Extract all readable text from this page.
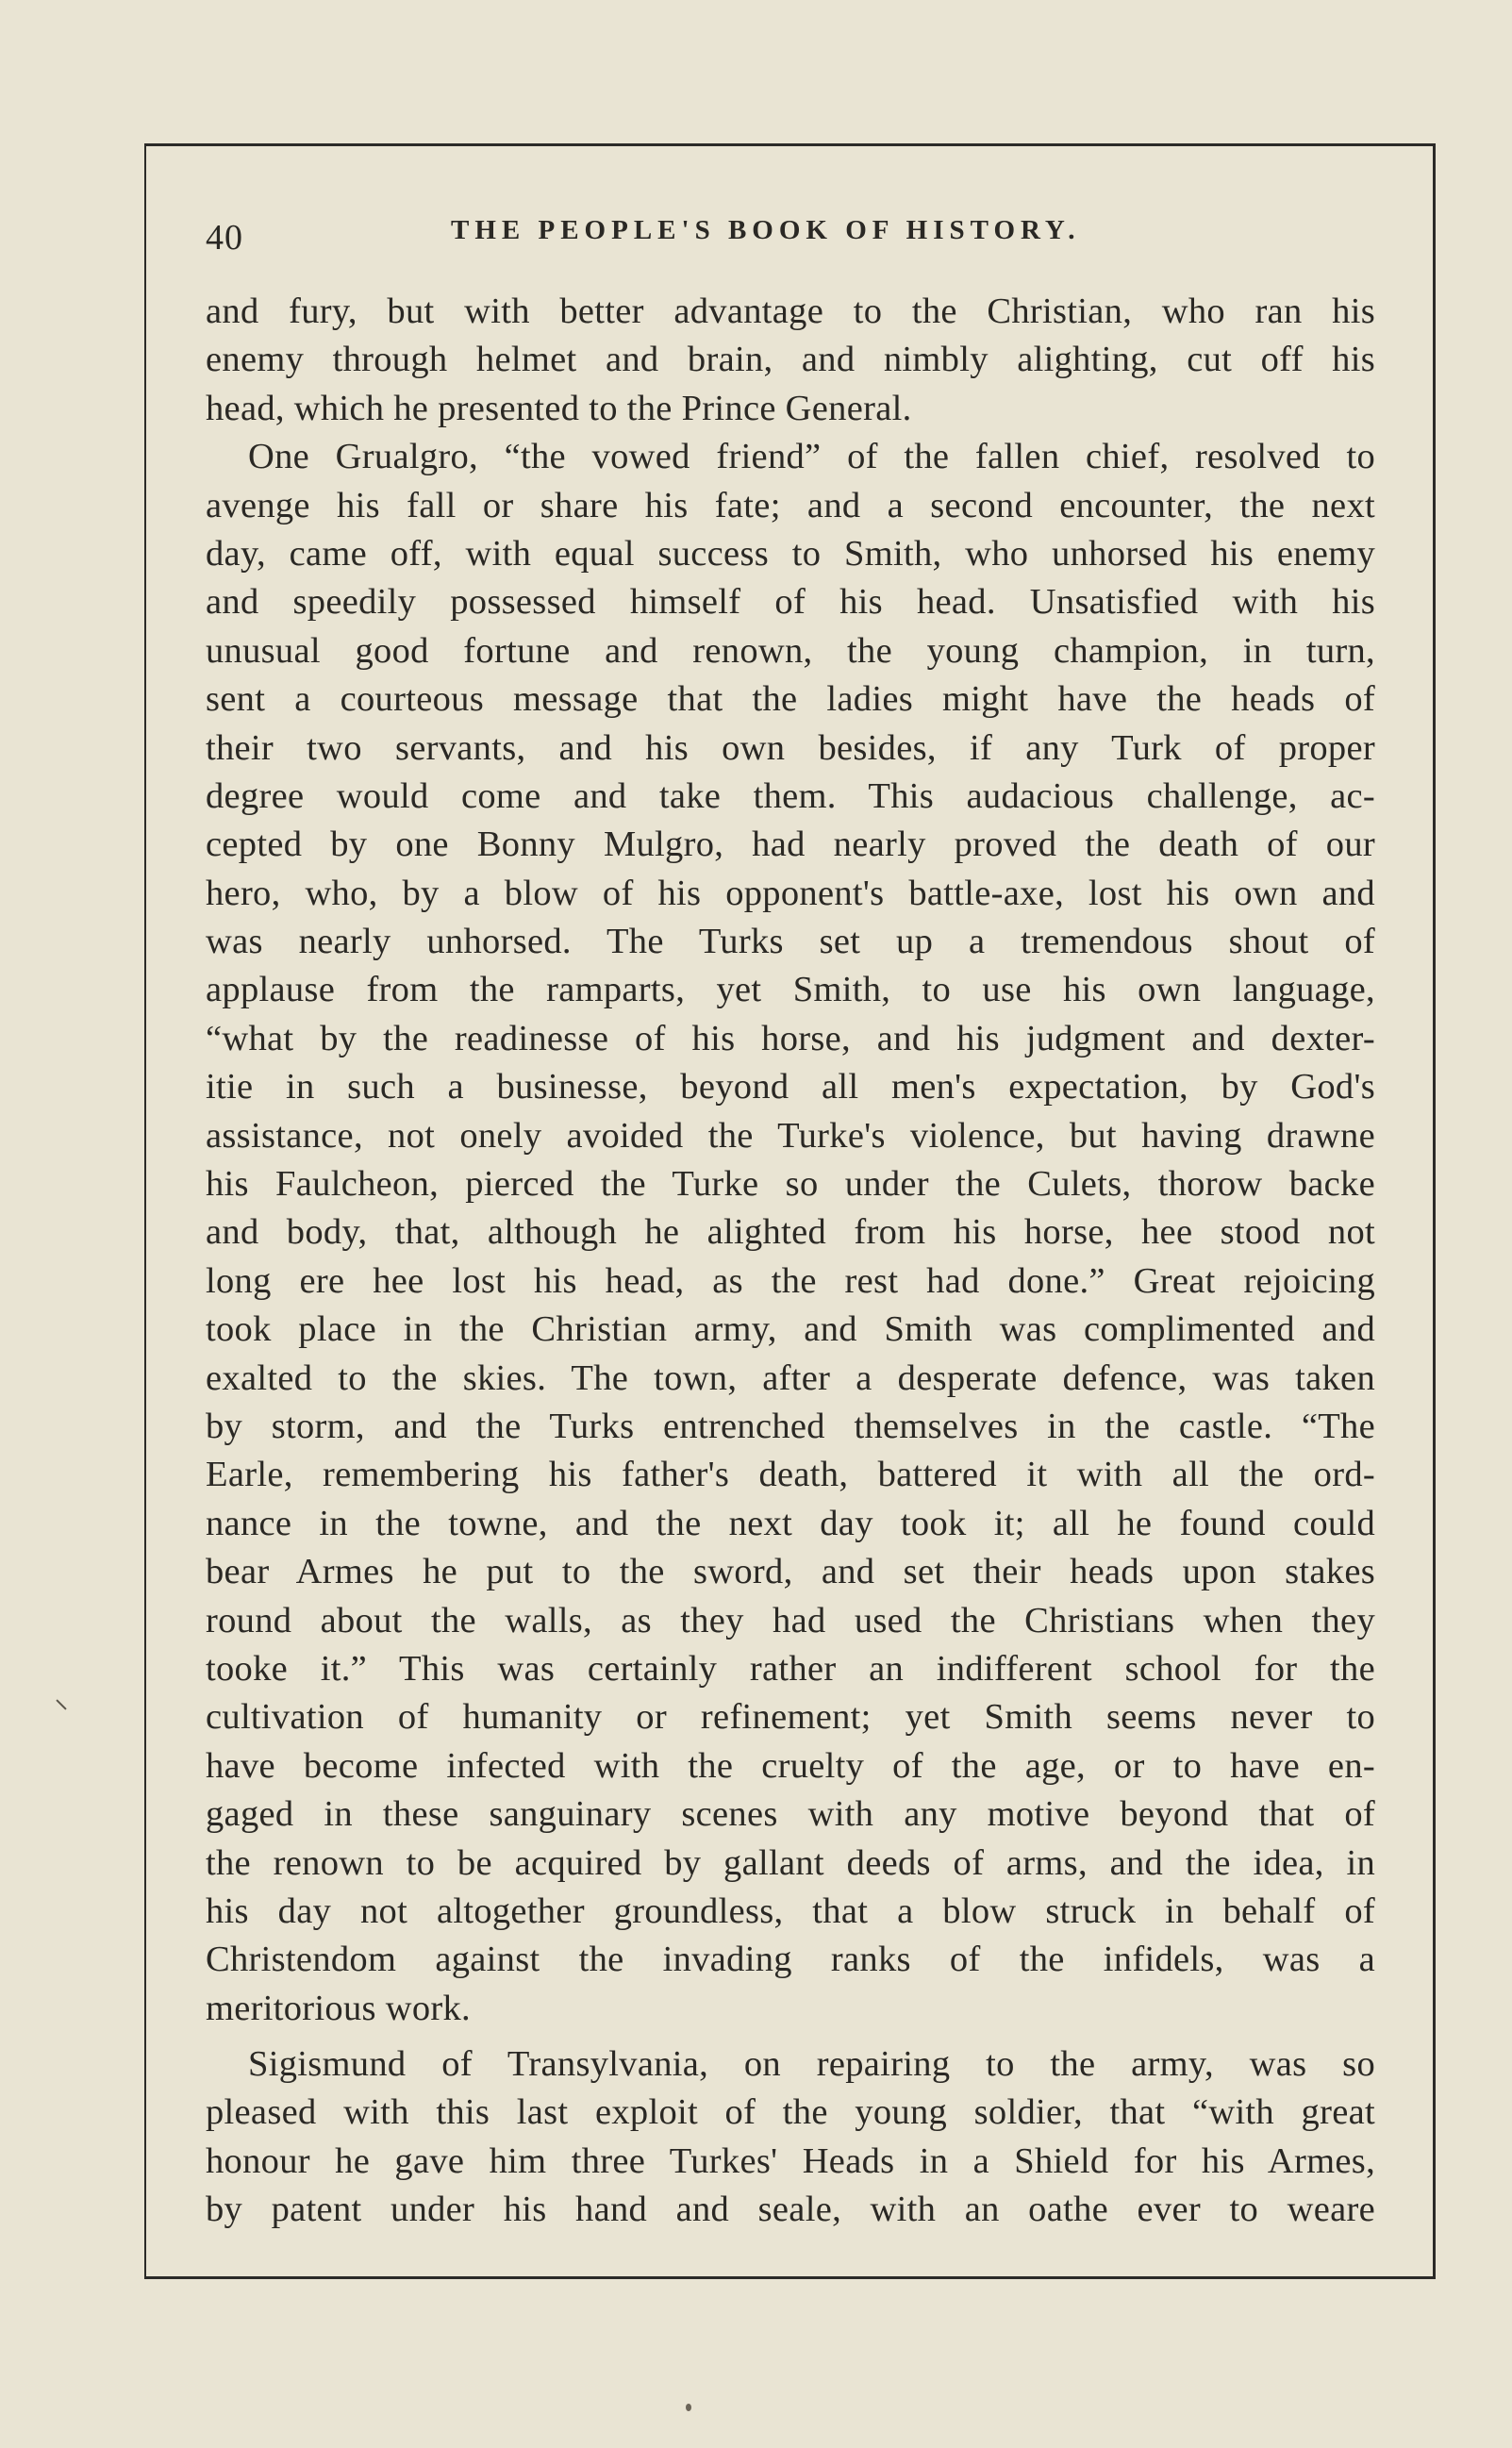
40	THE PEOPLE'S BOOK OF HISTORY.
and fury, but with better advantage to the Christian, who ran his
enemy through helmet and brain, and nimbly alighting, cut off his
head, which he presented to the Prince General.
One Grualgro, “the vowed friend” of the fallen chief, resolved to
avenge his fall or share his fate; and a second encounter, the next
day, came off, with equal success to Smith, who unhorsed his enemy
and speedily possessed himself of his head. Unsatisfied with his
unusual good fortune and renown, the young champion, in turn,
sent a courteous message that the ladies might have the heads of
their two servants, and his own besides, if any Turk of proper
degree would come and take them. This audacious challenge, ac-
cepted by one Bonny Mulgro, had nearly proved the death of our
hero, who, by a blow of his opponent's battle-axe, lost his own and
was nearly unhorsed. The Turks set up a tremendous shout of
applause from the ramparts, yet Smith, to use his own language,
“what by the readinesse of his horse, and his judgment and dexter-
itie in such a businesse, beyond all men's expectation, by God's
assistance, not onely avoided the Turke's violence, but having drawne
his Faulcheon, pierced the Turke so under the Culets, thorow backe
and body, that, although he alighted from his horse, hee stood not
long ere hee lost his head, as the rest had done.” Great rejoicing
took place in the Christian army, and Smith was complimented and
exalted to the skies. The town, after a desperate defence, was taken
by storm, and the Turks entrenched themselves in the castle. “The
Earle, remembering his father's death, battered it with all the ord-
nance in the towne, and the next day took it; all he found could
bear Armes he put to the sword, and set their heads upon stakes
round about the walls, as they had used the Christians when they
tooke it.” This was certainly rather an indifferent school for the
cultivation of humanity or refinement; yet Smith seems never to
have become infected with the cruelty of the age, or to have en-
gaged in these sanguinary scenes with any motive beyond that of
the renown to be acquired by gallant deeds of arms, and the idea, in
his day not altogether groundless, that a blow struck in behalf of
Christendom against the invading ranks of the infidels, was a
meritorious work.
Sigismund of Transylvania, on repairing to the army, was so
pleased with this last exploit of the young soldier, that “with great
honour he gave him three Turkes' Heads in a Shield for his Armes,
by patent under his hand and seale, with an oathe ever to weare
